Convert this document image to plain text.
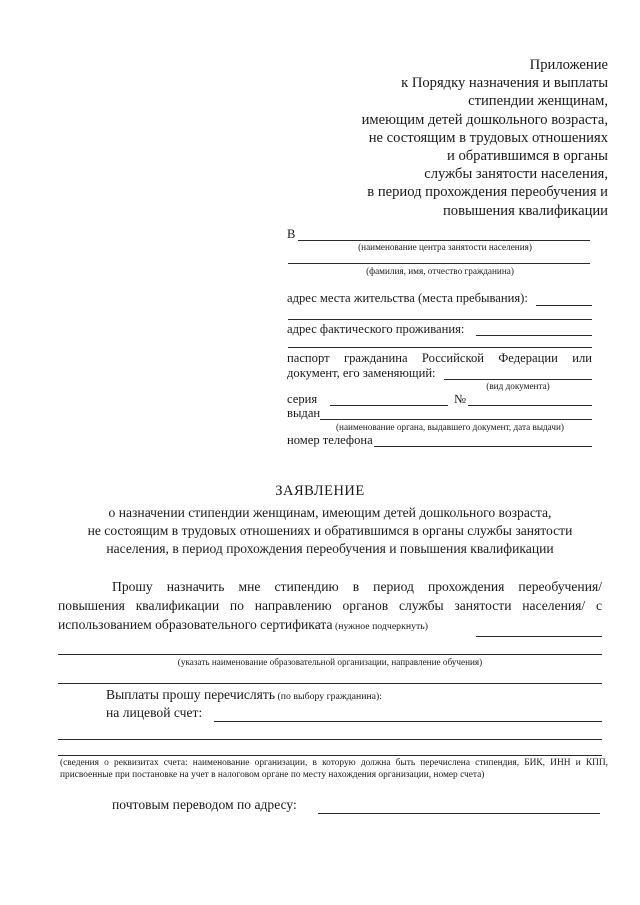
Приложение
к Порядку назначения и выплаты
стипендии женщинам,
имеющим детей дошкольного возраста,
не состоящим в трудовых отношениях
и обратившимся в органы
службы занятости населения,
в период прохождения переобучения и
повышения квалификации
В
(наименование центра занятости населения)
(фамилия, имя, отчество гражданина)
адрес места жительства (места пребывания):
адрес фактического проживания:
паспорт гражданина Российской Федерации или
документ, его заменяющий:
(вид документа)
серия	№
выдан
(наименование органа, выдавшего документ, дата выдачи)
номер телефона
ЗАЯВЛЕНИЕ
о назначении стипендии женщинам, имеющим детей дошкольного возраста,
не состоящим в трудовых отношениях и обратившимся в органы службы занятости
населения, в период прохождения переобучения и повышения квалификации
Прошу назначить мне стипендию в период прохождения переобучения/
повышения квалификации по направлению органов службы занятости населения/ с
использованием образовательного сертификата (нужное подчеркнуть)
(указать наименование образовательной организации, направление обучения)
Выплаты прошу перечислять (по выбору гражданина):
на лицевой счет:
(сведения о реквизитах счета: наименование организации, в которую должна быть перечислена стипендия, БИК, ИНН и КПП, присвоенные при постановке на учет в налоговом органе по месту нахождения организации, номер счета)
почтовым переводом по адресу:
